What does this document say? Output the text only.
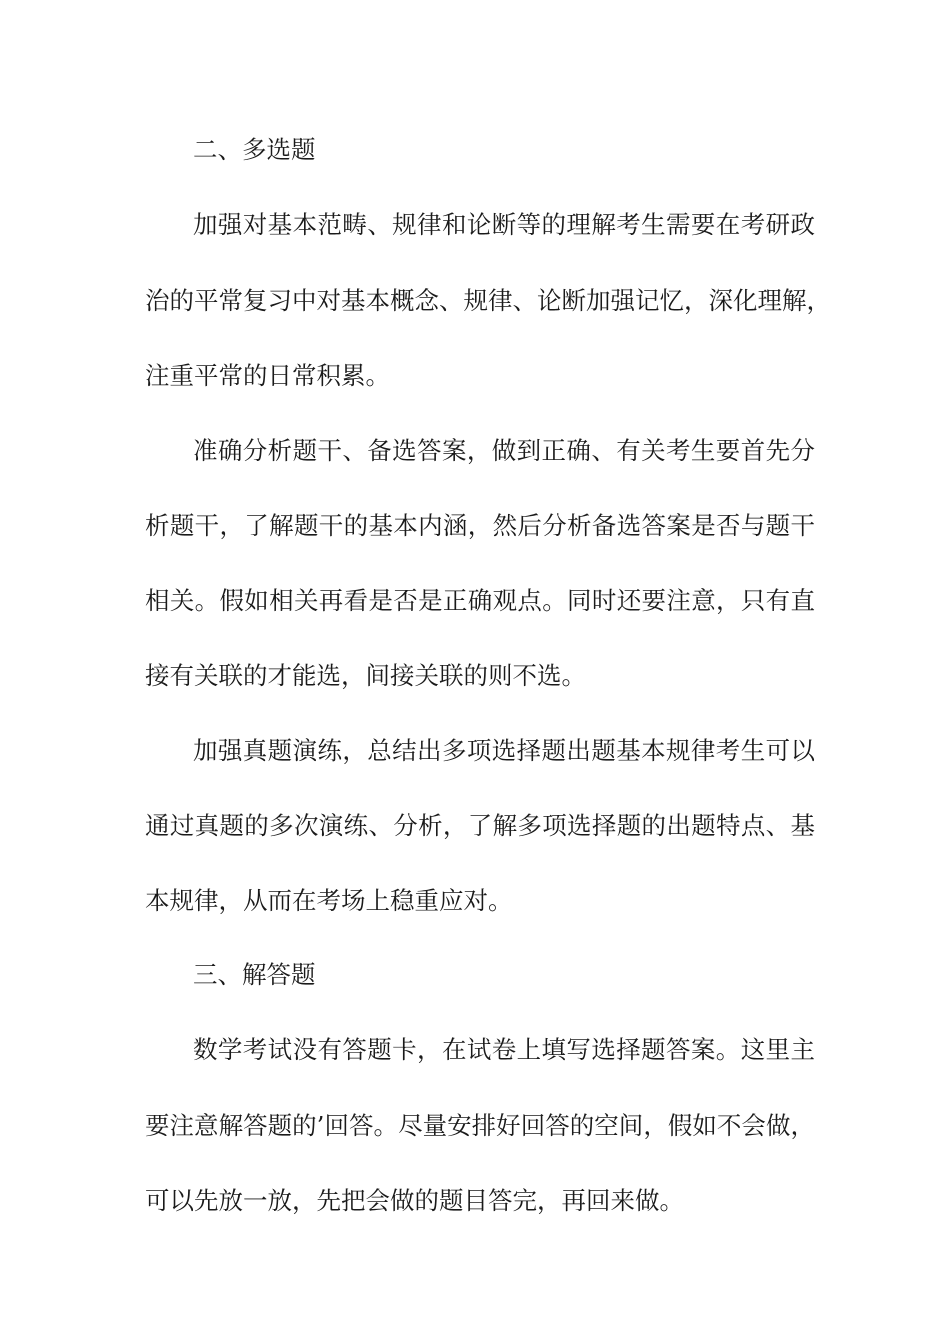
二、多选题
加强对基本范畴、规律和论断等的理解考生需要在考研政
治的平常复习中对基本概念、规律、论断加强记忆，深化理解，
注重平常的日常积累。
准确分析题干、备选答案，做到正确、有关考生要首先分
析题干，了解题干的基本内涵，然后分析备选答案是否与题干
相关。假如相关再看是否是正确观点。同时还要注意，只有直
接有关联的才能选，间接关联的则不选。
加强真题演练，总结出多项选择题出题基本规律考生可以
通过真题的多次演练、分析，了解多项选择题的出题特点、基
本规律，从而在考场上稳重应对。
三、解答题
数学考试没有答题卡，在试卷上填写选择题答案。这里主
要注意解答题的’回答。尽量安排好回答的空间，假如不会做，
可以先放一放，先把会做的题目答完，再回来做。
